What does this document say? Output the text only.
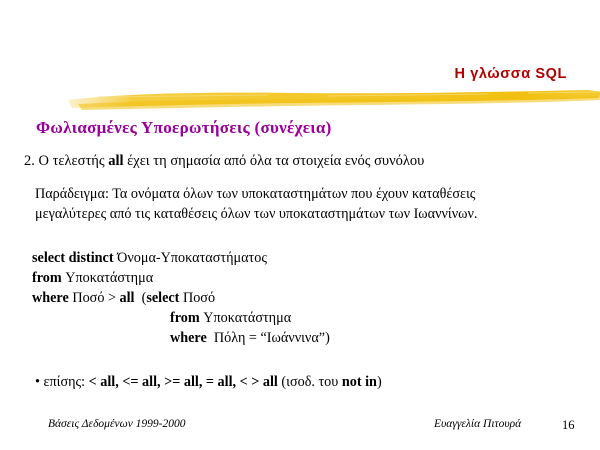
Η γλώσσα SQL
Φωλιασμένες Υποερωτήσεις (συνέχεια)
2. Ο τελεστής all έχει τη σημασία από όλα τα στοιχεία ενός συνόλου
Παράδειγμα: Τα ονόματα όλων των υποκαταστημάτων που έχουν καταθέσεις
μεγαλύτερες από τις καταθέσεις όλων των υποκαταστημάτων των Ιωαννίνων.
select distinct Όνομα-Υποκαταστήματος
from Υποκατάστημα
where Ποσό > all  (select Ποσό
from Υποκατάστημα
where  Πόλη = “Ιωάννινα”)
• επίσης: < all, <= all, >= all, = all, < > all (ισοδ. του not in)
Βάσεις Δεδομένων 1999-2000	Ευαγγελία Πιτουρά	16
